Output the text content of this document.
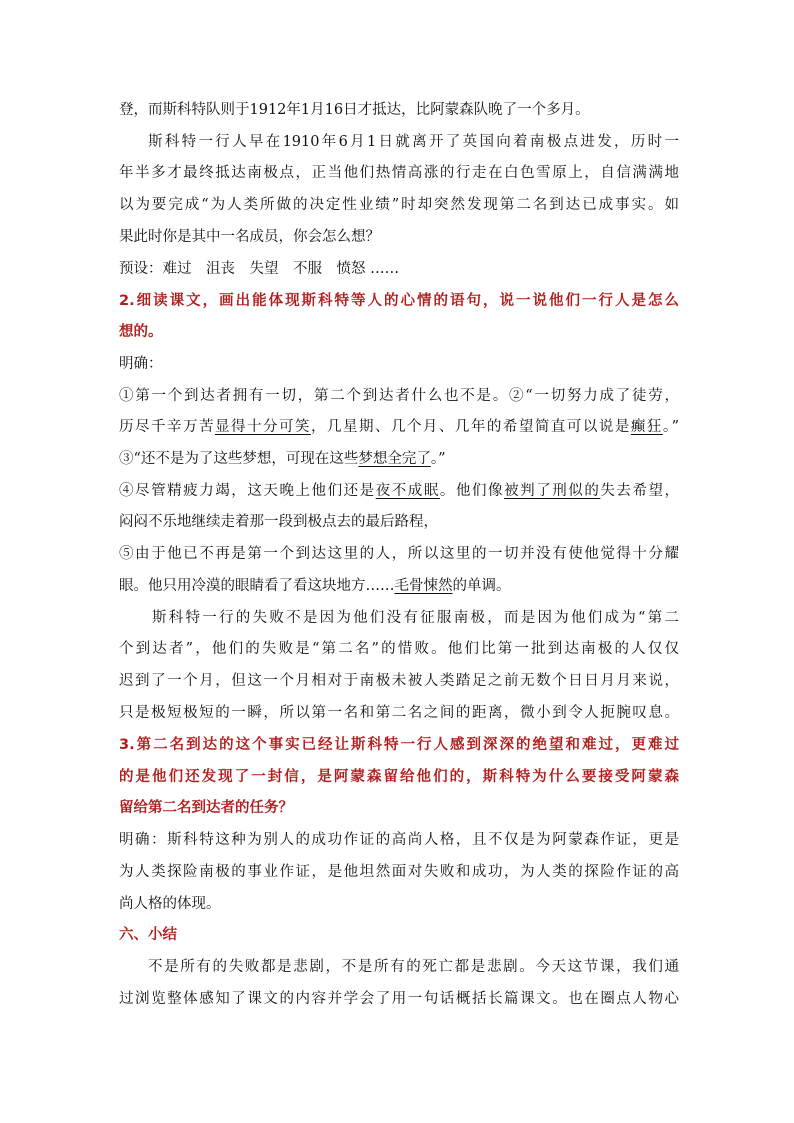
登，而斯科特队则于1912年1月16日才抵达，比阿蒙森队晚了一个多月。
斯科特一行人早在1910年6月1日就离开了英国向着南极点进发，历时一
年半多才最终抵达南极点，正当他们热情高涨的行走在白色雪原上，自信满满地
以为要完成“为人类所做的决定性业绩”时却突然发现第二名到达已成事实。如
果此时你是其中一名成员，你会怎么想？
预设：难过　沮丧　失望　不服　愤怒 ……
2.细读课文，画出能体现斯科特等人的心情的语句，说一说他们一行人是怎么
想的。
明确：
①第一个到达者拥有一切，第二个到达者什么也不是。②“一切努力成了徒劳，
历尽千辛万苦显得十分可笑，几星期、几个月、几年的希望简直可以说是癫狂。”
③“还不是为了这些梦想，可现在这些梦想全完了。”
④尽管精疲力竭，这天晚上他们还是夜不成眠。他们像被判了刑似的失去希望，
闷闷不乐地继续走着那一段到极点去的最后路程，
⑤由于他已不再是第一个到达这里的人，所以这里的一切并没有使他觉得十分耀
眼。他只用冷漠的眼睛看了看这块地方……毛骨悚然的单调。
斯科特一行的失败不是因为他们没有征服南极，而是因为他们成为“第二
个到达者”，他们的失败是“第二名”的惜败。他们比第一批到达南极的人仅仅
迟到了一个月，但这一个月相对于南极未被人类踏足之前无数个日日月月来说，
只是极短极短的一瞬，所以第一名和第二名之间的距离，微小到令人扼腕叹息。
3.第二名到达的这个事实已经让斯科特一行人感到深深的绝望和难过，更难过
的是他们还发现了一封信，是阿蒙森留给他们的，斯科特为什么要接受阿蒙森
留给第二名到达者的任务？
明确：斯科特这种为别人的成功作证的高尚人格，且不仅是为阿蒙森作证，更是
为人类探险南极的事业作证，是他坦然面对失败和成功，为人类的探险作证的高
尚人格的体现。
六、小结
不是所有的失败都是悲剧，不是所有的死亡都是悲剧。今天这节课，我们通
过浏览整体感知了课文的内容并学会了用一句话概括长篇课文。也在圈点人物心
